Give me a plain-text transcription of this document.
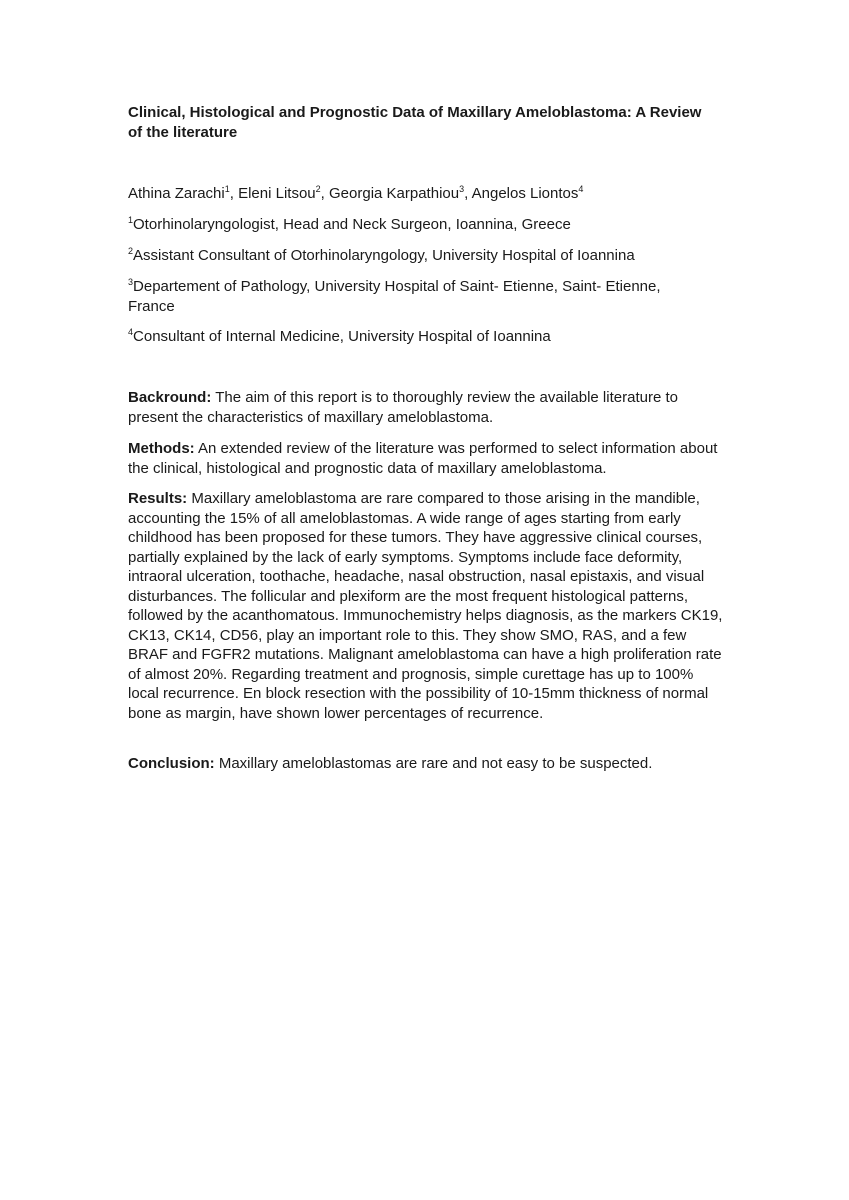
Clinical, Histological and Prognostic Data of Maxillary Ameloblastoma: A Review of the literature

Athina Zarachi$^1$, Eleni Litsou$^2$, Georgia Karpathiou$^3$, Angelos Liontos$^4$

$^1$Otorhinolaryngologist, Head and Neck Surgeon, Ioannina, Greece

$^2$Assistant Consultant of Otorhinolaryngology, University Hospital of Ioannina

$^3$Departement of Pathology, University Hospital of Saint- Etienne, Saint- Etienne, France

$^4$Consultant of Internal Medicine, University Hospital of Ioannina

Backround: The aim of this report is to thoroughly review the available literature to present the characteristics of maxillary ameloblastoma.

Methods: An extended review of the literature was performed to select information about the clinical, histological and prognostic data of maxillary ameloblastoma.

Results: Maxillary ameloblastoma are rare compared to those arising in the mandible, accounting the 15% of all ameloblastomas. A wide range of ages starting from early childhood has been proposed for these tumors. They have aggressive clinical courses, partially explained by the lack of early symptoms. Symptoms include face deformity, intraoral ulceration, toothache, headache, nasal obstruction, nasal epistaxis, and visual disturbances. The follicular and plexiform are the most frequent histological patterns, followed by the acanthomatous. Immunochemistry helps diagnosis, as the markers CK19, CK13, CK14, CD56, play an important role to this. They show SMO, RAS, and a few BRAF and FGFR2 mutations. Malignant ameloblastoma can have a high proliferation rate of almost 20%. Regarding treatment and prognosis, simple curettage has up to 100% local recurrence. En block resection with the possibility of 10-15mm thickness of normal bone as margin, have shown lower percentages of recurrence.

Conclusion: Maxillary ameloblastomas are rare and not easy to be suspected.
